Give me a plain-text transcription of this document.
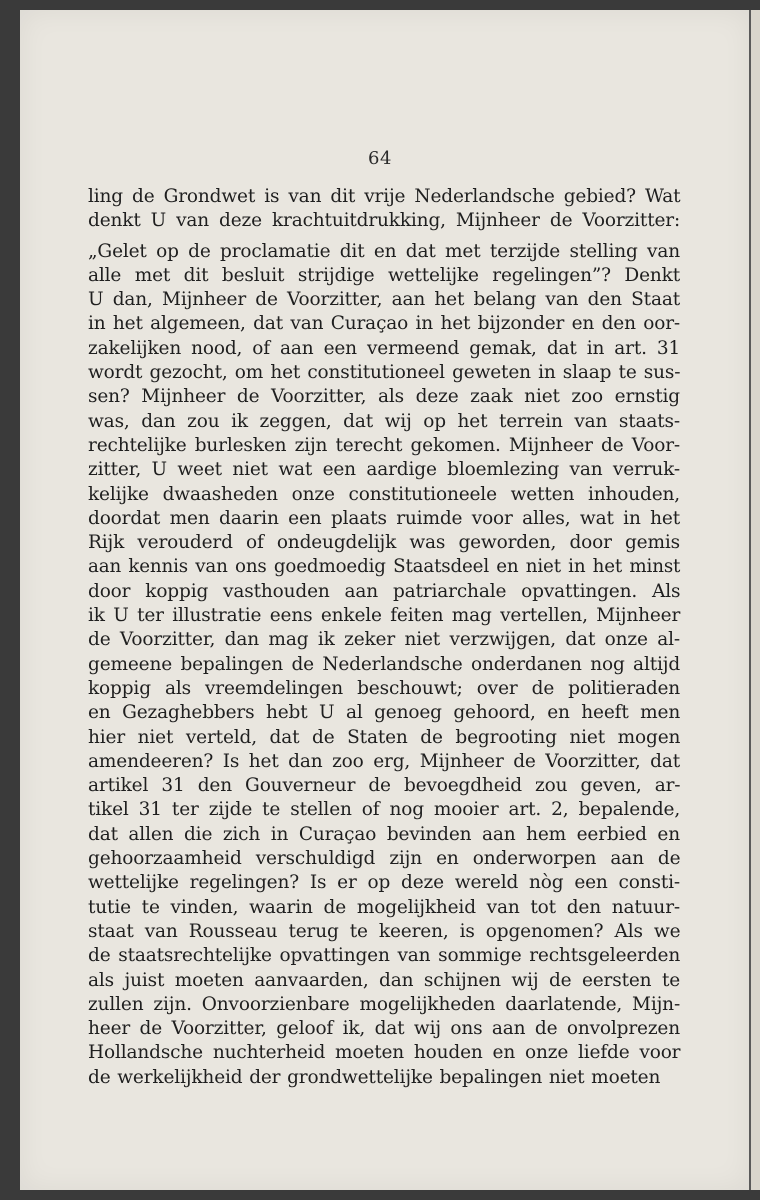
64
ling de Grondwet is van dit vrije Nederlandsche gebied? Wat
denkt U van deze krachtuitdrukking, Mijnheer de Voorzitter:
„Gelet op de proclamatie dit en dat met terzijde stelling van
alle met dit besluit strijdige wettelijke regelingen”? Denkt
U dan, Mijnheer de Voorzitter, aan het belang van den Staat
in het algemeen, dat van Curaçao in het bijzonder en den oor-
zakelijken nood, of aan een vermeend gemak, dat in art. 31
wordt gezocht, om het constitutioneel geweten in slaap te sus-
sen? Mijnheer de Voorzitter, als deze zaak niet zoo ernstig
was, dan zou ik zeggen, dat wij op het terrein van staats-
rechtelijke burlesken zijn terecht gekomen. Mijnheer de Voor-
zitter, U weet niet wat een aardige bloemlezing van verruk-
kelijke dwaasheden onze constitutioneele wetten inhouden,
doordat men daarin een plaats ruimde voor alles, wat in het
Rijk verouderd of ondeugdelijk was geworden, door gemis
aan kennis van ons goedmoedig Staatsdeel en niet in het minst
door koppig vasthouden aan patriarchale opvattingen. Als
ik U ter illustratie eens enkele feiten mag vertellen, Mijnheer
de Voorzitter, dan mag ik zeker niet verzwijgen, dat onze al-
gemeene bepalingen de Nederlandsche onderdanen nog altijd
koppig als vreemdelingen beschouwt; over de politieraden
en Gezaghebbers hebt U al genoeg gehoord, en heeft men
hier niet verteld, dat de Staten de begrooting niet mogen
amendeeren? Is het dan zoo erg, Mijnheer de Voorzitter, dat
artikel 31 den Gouverneur de bevoegdheid zou geven, ar-
tikel 31 ter zijde te stellen of nog mooier art. 2, bepalende,
dat allen die zich in Curaçao bevinden aan hem eerbied en
gehoorzaamheid verschuldigd zijn en onderworpen aan de
wettelijke regelingen? Is er op deze wereld nòg een consti-
tutie te vinden, waarin de mogelijkheid van tot den natuur-
staat van Rousseau terug te keeren, is opgenomen? Als we
de staatsrechtelijke opvattingen van sommige rechtsgeleerden
als juist moeten aanvaarden, dan schijnen wij de eersten te
zullen zijn. Onvoorzienbare mogelijkheden daarlatende, Mijn-
heer de Voorzitter, geloof ik, dat wij ons aan de onvolprezen
Hollandsche nuchterheid moeten houden en onze liefde voor
de werkelijkheid der grondwettelijke bepalingen niet moeten
